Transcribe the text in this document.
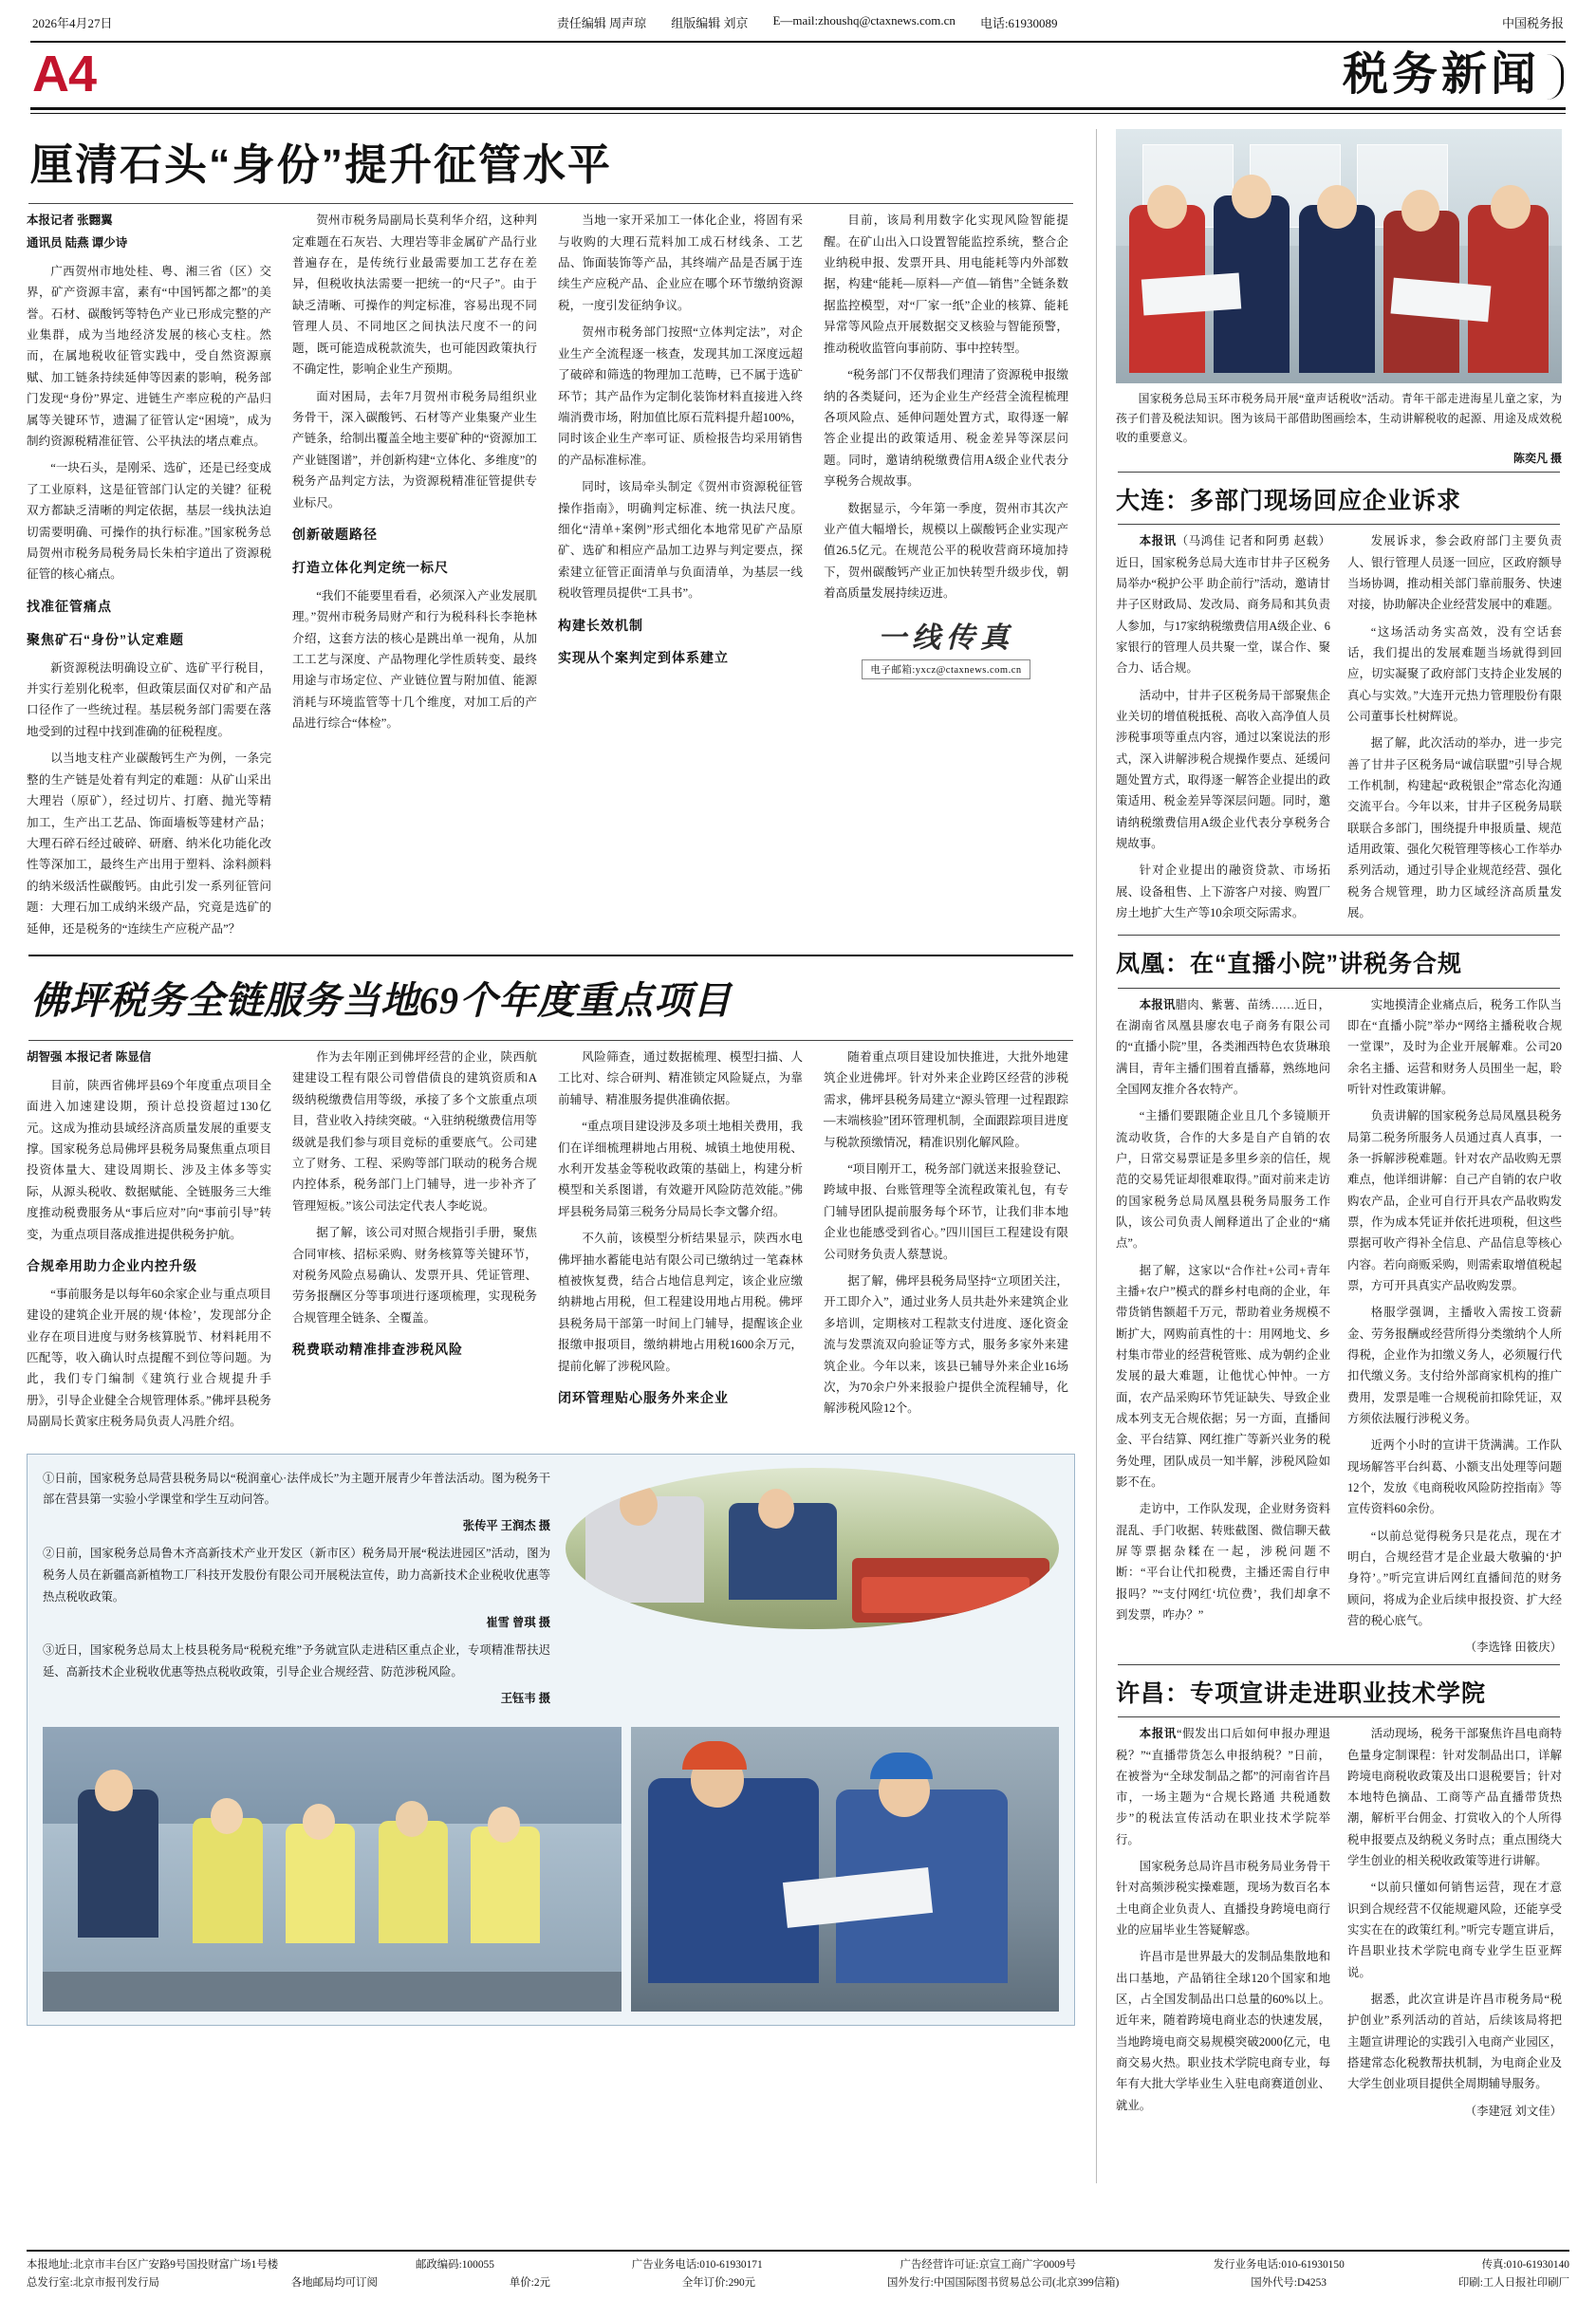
2026年4月27日	责任编辑 周声琼 组版编辑 刘京 E—mail:zhoushq@ctaxnews.com.cn 电话:61930089	中国税务报
A4	税务新闻
厘清石头“身份”提升征管水平
本报记者 张翾翼
通讯员 陆燕 谭少诗

广西贺州市地处桂、粤、湘三省（区）交界，矿产资源丰富，素有“中国钙都之都”的美誉。石材、碳酸钙等特色产业已形成完整的产业集群，成为当地经济发展的核心支柱。然而，在属地税收征管实践中，受自然资源禀赋、加工链条持续延伸等因素的影响，税务部门发现“身份”界定、进链生产率应税的产品归属等关键环节，遗漏了征管认定“困境”，成为制约资源税精准征管、公平执法的堵点难点。

“一块石头，是刚采、选矿，还是已经变成了工业原料，这是征管部门认定的关键？征税双方都缺乏清晰的判定依据，基层一线执法迫切需要明确、可操作的执行标准。”国家税务总局贺州市税务局税务局长朱柏宇道出了资源税征管的核心痛点。

找准征管痛点
聚焦矿石“身份”认定难题

新资源税法明确设立矿、选矿平行税目，并实行差别化税率，但政策层面仅对矿和产品口径作了一些统过程。基层税务部门需要在落地受到的过程中找到准确的征税程度。

以当地支柱产业碳酸钙生产为例，一条完整的生产链是处着有判定的难题：从矿山采出大理岩（原矿），经过切片、打磨、抛光等精加工，生产出工艺品、饰面墙板等建材产品；大理石碎石经过破碎、研磨、纳米化功能化改性等深加工，最终生产出用于塑料、涂料颜料的纳米级活性碳酸钙。由此引发一系列征管问题：大理石加工成纳米级产品，究竟是选矿的延伸，还是税务的“连续生产应税产品”？

贺州市税务局副局长莫利华介绍，这种判定难题在石灰岩、大理岩等非金属矿产品行业普遍存在，是传统行业最需要加工艺存在差异，但税收执法需要一把统一的“尺子”。由于缺乏清晰、可操作的判定标准，容易出现不同管理人员、不同地区之间执法尺度不一的问题，既可能造成税款流失，也可能因政策执行不确定性，影响企业生产预期。

面对困局，去年7月贺州市税务局组织业务骨干，深入碳酸钙、石材等产业集聚产业生产链条，给制出覆盖全地主要矿种的“资源加工产业链图谱”，并创新构建“立体化、多维度”的税务产品判定方法，为资源税精准征管提供专业标尺。

创新破题路径
打造立体化判定统一标尺

“我们不能要里看看，必须深入产业发展肌理。”贺州市税务局财产和行为税科科长李艳林介绍，这套方法的核心是跳出单一视角，从加工工艺与深度、产品物理化学性质转变、最终用途与市场定位、产业链位置与附加值、能源消耗与环境监管等十几个维度，对加工后的产品进行综合“体检”。

当地一家开采加工一体化企业，将固有采与收购的大理石荒料加工成石材线条、工艺品、饰面装饰等产品，其终端产品是否属于连续生产应税产品、企业应在哪个环节缴纳资源税，一度引发征纳争议。

贺州市税务部门按照“立体判定法”，对企业生产全流程逐一核查，发现其加工深度远超了破碎和筛选的物理加工范畴，已不属于选矿环节；其产品作为定制化装饰材料直接进入终端消费市场，附加值比原石荒料提升超100%，同时该企业生产率可证、质检报告均采用销售的产品标准标准。

同时，该局牵头制定《贺州市资源税征管操作指南》，明确判定标准、统一执法尺度。细化“清单+案例”形式细化本地常见矿产品原矿、选矿和相应产品加工边界与判定要点，探索建立征管正面清单与负面清单，为基层一线税收管理员提供“工具书”。

构建长效机制
实现从个案判定到体系建立

目前，该局利用数字化实现风险智能提醒。在矿山出入口设置智能监控系统，整合企业纳税申报、发票开具、用电能耗等内外部数据，构建“能耗—原料—产值—销售”全链条数据监控模型，对“厂家一纸”企业的核算、能耗异常等风险点开展数据交叉核验与智能预警，推动税收监管向事前防、事中控转型。

“税务部门不仅帮我们理清了资源税申报缴纳的各类疑问，还为企业生产经营全流程梳理各项风险点、延伸问题处置方式，取得逐一解答企业提出的政策适用、税金差异等深层问题。同时，邀请纳税缴费信用A级企业代表分享税务合规故事。

数据显示，今年第一季度，贺州市其次产业产值大幅增长，规模以上碳酸钙企业实现产值26.5亿元。在规范公平的税收营商环境加持下，贺州碳酸钙产业正加快转型升级步伐，朝着高质量发展持续迈进。

一线传真
电子邮箱:yxcz@ctaxnews.com.cn
佛坪税务全链服务当地69个年度重点项目
胡智强 本报记者 陈显信

目前，陕西省佛坪县69个年度重点项目全面进入加速建设期，预计总投资超过130亿元。这成为推动县域经济高质量发展的重要支撑。国家税务总局佛坪县税务局聚焦重点项目投资体量大、建设周期长、涉及主体多等实际，从源头税收、数据赋能、全链服务三大维度推动税费服务从“事后应对”向“事前引导”转变，为重点项目落成推进提供税务护航。

合规牵用助力企业内控升级

“事前服务是以每年60余家企业与重点项目建设的建筑企业开展的规‘体检’，发现部分企业存在项目进度与财务核算脱节、材料耗用不匹配等，收入确认时点提醒不到位等问题。为此，我们专门编制《建筑行业合规提升手册》，引导企业健全合规管理体系。”佛坪县税务局副局长黄家庄税务局负责人冯胜介绍。

作为去年刚正到佛坪经营的企业，陕西航建建设工程有限公司曾借债良的建筑资质和A级纳税缴费信用等级，承接了多个文旅重点项目，营业收入持续突破。“入驻纳税缴费信用等级就是我们参与项目竞标的重要底气。公司建立了财务、工程、采购等部门联动的税务合规内控体系，税务部门上门辅导，进一步补齐了管理短板。”该公司法定代表人李屹说。

据了解，该公司对照合规指引手册，聚焦合同审核、招标采购、财务核算等关键环节，对税务风险点易确认、发票开具、凭证管理、劳务报酬区分等事项进行逐项梳理，实现税务合规管理全链条、全覆盖。

税费联动精准排查涉税风险

风险筛查，通过数据梳理、模型扫描、人工比对、综合研判、精准锁定风险疑点，为靠前辅导、精准服务提供准确依据。

“重点项目建设涉及多项土地相关费用，我们在详细梳理耕地占用税、城镇土地使用税、水利开发基金等税收政策的基础上，构建分析模型和关系图谱，有效避开风险防范效能。”佛坪县税务局第三税务分局局长李文馨介绍。

不久前，该模型分析结果显示，陕西水电佛坪抽水蓄能电站有限公司已缴纳过一笔森林植被恢复费，结合占地信息判定，该企业应缴纳耕地占用税，但工程建设用地占用税。佛坪县税务局干部第一时间上门辅导，提醒该企业报缴申报项目，缴纳耕地占用税1600余万元，提前化解了涉税风险。

闭环管理贴心服务外来企业

随着重点项目建设加快推进，大批外地建筑企业进佛坪。针对外来企业跨区经营的涉税需求，佛坪县税务局建立“源头管理一过程跟踪—末端核验”团环管理机制，全面跟踪项目进度与税款预缴情况，精准识别化解风险。

“项目刚开工，税务部门就送来报验登记、跨域申报、台账管理等全流程政策礼包，有专门辅导团队提前服务每个环节，让我们非本地企业也能感受到省心。”四川国巨工程建设有限公司财务负责人蔡慧说。

据了解，佛坪县税务局坚持“立项团关注，开工即介入”，通过业务人员共赴外来建筑企业多培训，定期核对工程款支付进度、逐化资金流与发票流双向验证等方式，服务多家外来建筑企业。今年以来，该县已辅导外来企业16场次，为70余户外来报验户提供全流程辅导，化解涉税风险12个。

①日前，国家税务总局营县税务局以“税润童心·法伴成长”为主题开展青少年普法活动。图为税务干部在营县第一实验小学课堂和学生互动问答。
张传平 王润杰 摄
②日前，国家税务总局鲁木齐高新技术产业开发区（新市区）税务局开展“税法进园区”活动，图为税务人员在新疆高新植物工厂科技开发股份有限公司开展税法宣传，助力高新技术企业税收优惠等热点税收政策。
崔雪 曾琪 摄
③近日，国家税务总局太上枝县税务局“税税充维”予务就宣队走进秸区重点企业，专项精准帮扶迟延、高新技术企业税收优惠等热点税收政策，引导企业合规经营、防范涉税风险。
王钰韦 摄
国家税务总局玉环市税务局开展“童声话税收”活动。青年干部走进海星儿童之家，为孩子们普及税法知识。图为该局干部借助图画绘本，生动讲解税收的起源、用途及成效税收的重要意义。
陈奕凡 摄
大连：多部门现场回应企业诉求

本报讯（马鸿佳 记者和阿勇 赵载）近日，国家税务总局大连市甘井子区税务局举办“税护公平 助企前行”活动，邀请甘井子区财政局、发改局、商务局和其负责人参加，与17家纳税缴费信用A级企业、6家银行的管理人员共聚一堂，谋合作、聚合力、话合规。

活动中，甘井子区税务局干部聚焦企业关切的增值税抵税、高收入高净值人员涉税事项等重点内容，通过以案说法的形式，深入讲解涉税合规操作要点、延缓问题处置方式，取得逐一解答企业提出的政策适用、税金差异等深层问题。同时，邀请纳税缴费信用A级企业代表分享税务合规故事。

针对企业提出的融资贷款、市场拓展、设备租售、上下游客户对接、购置厂房土地扩大生产等10余项交际需求。

发展诉求，参会政府部门主要负责人、银行管理人员逐一回应，区政府额导当场协调，推动相关部门靠前服务、快速对接，协助解决企业经营发展中的难题。

“这场活动务实高效，没有空话套话，我们提出的发展难题当场就得到回应，切实凝聚了政府部门支持企业发展的真心与实效。”大连开元热力管理股份有限公司董事长杜树辉说。

据了解，此次活动的举办，进一步完善了甘井子区税务局“诚信联盟”引导合规工作机制，构建起“政税银企”常态化沟通交流平台。今年以来，甘井子区税务局联联联合多部门，围绕提升申报质量、规范适用政策、强化欠税管理等核心工作举办系列活动，通过引导企业规范经营、强化税务合规管理，助力区域经济高质量发展。

凤凰：在“直播小院”讲税务合规

本报讯腊肉、紫薯、苗绣……近日，在湖南省凤凰县廖农电子商务有限公司的“直播小院”里，各类湘西特色农货琳琅满目，青年主播们围着直播幕，熟练地问全国网友推介各农特产。

“主播们要跟随企业且几个多镜顺开流动收货，合作的大多是自产自销的农户，日常交易票证是多里乡亲的信任，规范的交易凭证却很难取得。”面对前来走访的国家税务总局凤凰县税务局服务工作队，该公司负责人阐释道出了企业的“痛点”。

据了解，这家以“合作社+公司+青年主播+农户”模式的群乡村电商的企业，年带货销售额超千万元，帮助着业务规模不断扩大，网购前真性的十：用网地戈、乡村集市带业的经营税管账、成为朝约企业发展的最大难题，让他忧心忡忡。一方面，农产品采购环节凭证缺失、导致企业成本列支无合规依据；另一方面，直播间金、平台结算、网红推广等新兴业务的税务处理，团队成员一知半解，涉税风险如影不在。

走访中，工作队发现，企业财务资料混乱、手门收据、转账截图、微信聊天截屏等票据杂糅在一起，涉税问题不断：“平台让代扣税费，主播还需自行申报吗？”“支付网红‘坑位费’，我们却拿不到发票，咋办？”

实地摸清企业痛点后，税务工作队当即在“直播小院”举办“网络主播税收合规一堂课”，及时为企业开展解难。公司20余名主播、运营和财务人员围坐一起，聆听针对性政策讲解。

负责讲解的国家税务总局凤凰县税务局第二税务所服务人员通过真人真事，一条一拆解涉税难题。针对农产品收购无票难点，他详细讲解：自己产自销的农户收购农产品，企业可自行开具农产品收购发票，作为成本凭证并依托进项税，但这些票据可收产得补全信息、产品信息等核心内容。若向商贩采购，则需索取增值税起票，方可开具真实产品收购发票。

格服学强调，主播收入需按工资薪金、劳务报酬或经营所得分类缴纳个人所得税，企业作为扣缴义务人，必须履行代扣代缴义务。支付给外部商家机构的推广费用，发票是唯一合规税前扣除凭证，双方须依法履行涉税义务。

近两个小时的宣讲干货满满。工作队现场解答平台纠葛、小额支出处理等问题12个，发放《电商税收风险防控指南》等宣传资料60余份。

“以前总觉得税务只是花点，现在才明白，合规经营才是企业最大敬骗的‘护身符’。”听完宣讲后网红直播间范的财务顾问，将成为企业后续申报投资、扩大经营的税心底气。

（李选锋 田筱庆）

许昌：专项宣讲走进职业技术学院

本报讯“假发出口后如何申报办理退税？”“直播带货怎么申报纳税？”日前，在被誉为“全球发制品之都”的河南省许昌市，一场主题为“合规长路通 共税通数步”的税法宣传活动在职业技术学院举行。

国家税务总局许昌市税务局业务骨干针对高频涉税实操难题，现场为数百名本土电商企业负责人、直播投身跨境电商行业的应届毕业生答疑解惑。

许昌市是世界最大的发制品集散地和出口基地，产品销往全球120个国家和地区，占全国发制品出口总量的60%以上。近年来，随着跨境电商业态的快速发展，当地跨境电商交易规模突破2000亿元，电商交易火热。职业技术学院电商专业，每年有大批大学毕业生入驻电商赛道创业、就业。

活动现场，税务干部聚焦许昌电商特色量身定制课程：针对发制品出口，详解跨境电商税收政策及出口退税要旨；针对本地特色摘品、工商等产品直播带货热潮，解析平台佣金、打赏收入的个人所得税申报要点及纳税义务时点；重点围绕大学生创业的相关税收政策等进行讲解。

“以前只懂如何销售运营，现在才意识到合规经营不仅能规避风险，还能享受实实在在的政策红利。”听完专题宣讲后，许昌职业技术学院电商专业学生臣亚辉说。

据悉，此次宣讲是许昌市税务局“税护创业”系列活动的首站，后续该局将把主题宣讲理论的实践引入电商产业园区，搭建常态化税教帮扶机制，为电商企业及大学生创业项目提供全周期辅导服务。

（李建冠 刘文佳）

本报地址:北京市丰台区广安路9号国投财富广场1号楼	邮政编码:100055	广告业务电话:010-61930171	广告经营许可证:京宣工商广字0009号	发行业务电话:010-61930150	传真:010-61930140
总发行室:北京市报刊发行局	各地邮局均可订阅	单价:2元	全年订价:290元	国外发行:中国国际图书贸易总公司(北京399信箱)	国外代号:D4253	印刷:工人日报社印刷厂
